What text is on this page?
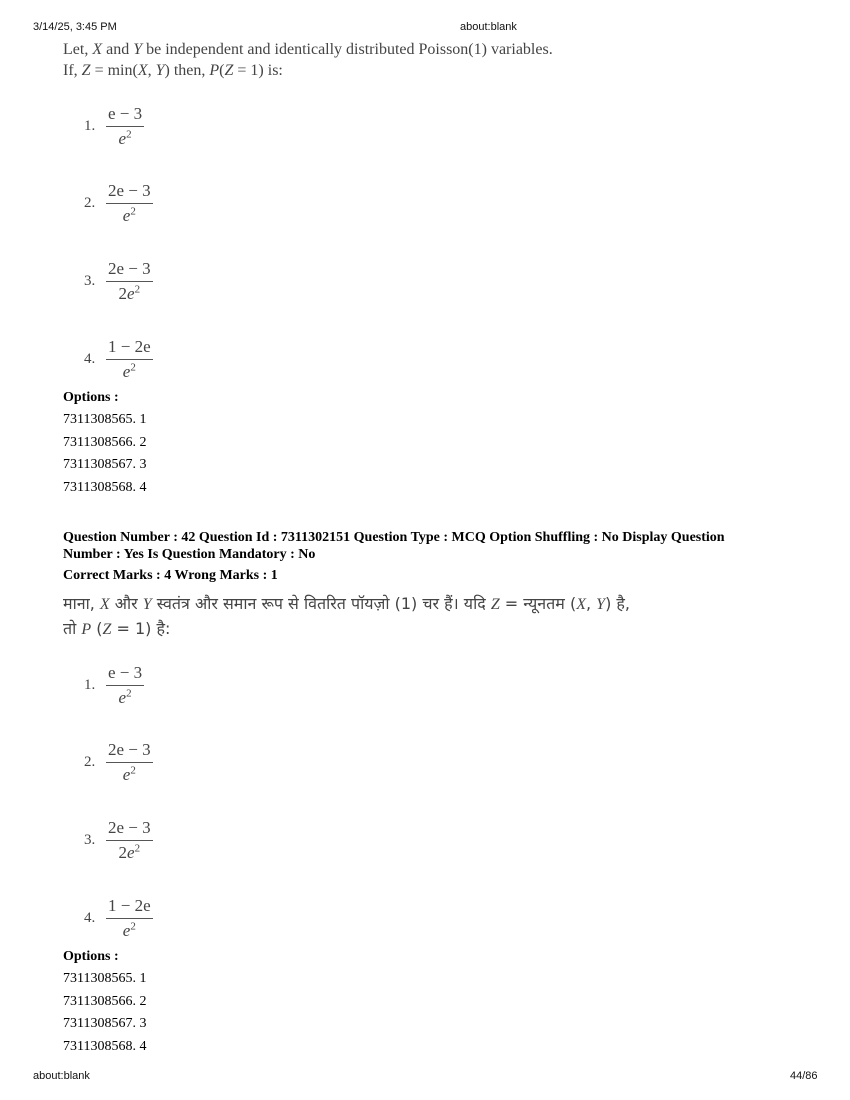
3/14/25, 3:45 PM	about:blank
Let, X and Y be independent and identically distributed Poisson(1) variables.
If, Z = min(X, Y) then, P(Z = 1) is:
1. $\frac{e - 3}{e^2}$
2. $\frac{2e - 3}{e^2}$
3. $\frac{2e - 3}{2e^2}$
4. $\frac{1 - 2e}{e^2}$
Options :
7311308565. 1
7311308566. 2
7311308567. 3
7311308568. 4
Question Number : 42 Question Id : 7311302151 Question Type : MCQ Option Shuffling : No Display Question
Number : Yes Is Question Mandatory : No
Correct Marks : 4 Wrong Marks : 1
माना, X और Y स्वतंत्र और समान रूप से वितरित पॉयज़ो (1) चर हैं। यदि Z = न्यूनतम (X, Y) है,
तो P (Z = 1) है:
1. $\frac{e - 3}{e^2}$
2. $\frac{2e - 3}{e^2}$
3. $\frac{2e - 3}{2e^2}$
4. $\frac{1 - 2e}{e^2}$
Options :
7311308565. 1
7311308566. 2
7311308567. 3
7311308568. 4
about:blank	44/86
